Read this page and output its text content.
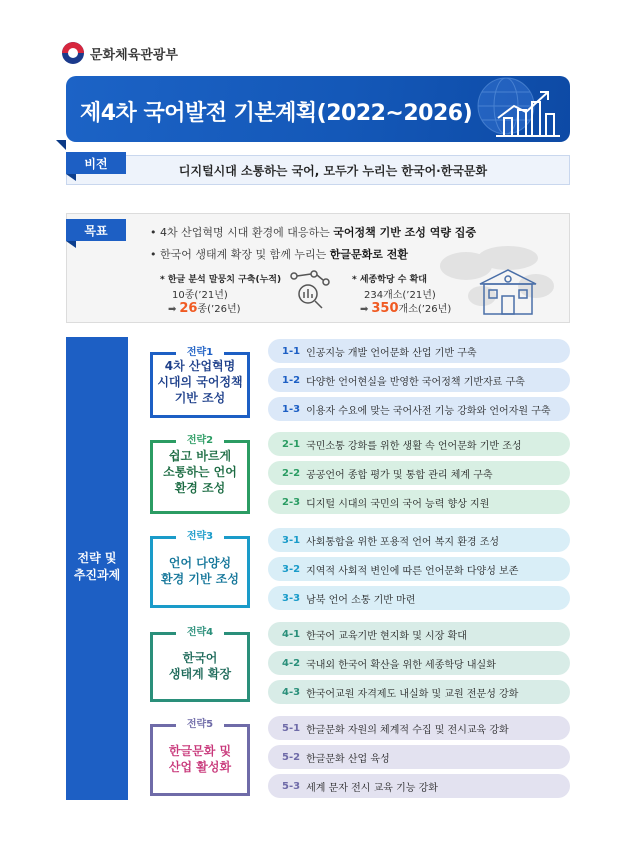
문화체육관광부
제4차 국어발전 기본계획(2022~2026)
비전	디지털시대 소통하는 국어, 모두가 누리는 한국어·한국문화
목표	• 4차 산업혁명 시대 환경에 대응하는 국어정책 기반 조성 역량 집중
• 한국어 생태계 확장 및 함께 누리는 한글문화로 전환
* 한글 분석 말뭉치 구축(누적)
10종(’21년)
➡ 26종(’26년)
* 세종학당 수 확대
234개소(’21년)
➡ 350개소(’26년)
전략 및
추진과제
전략1
4차 산업혁명
시대의 국어정책
기반 조성
1-1 인공지능 개발 언어문화 산업 기반 구축
1-2 다양한 언어현실을 반영한 국어정책 기반자료 구축
1-3 이용자 수요에 맞는 국어사전 기능 강화와 언어자원 구축
전략2
쉽고 바르게
소통하는 언어
환경 조성
2-1 국민소통 강화를 위한 생활 속 언어문화 기반 조성
2-2 공공언어 종합 평가 및 통합 관리 체계 구축
2-3 디지털 시대의 국민의 국어 능력 향상 지원
전략3
언어 다양성
환경 기반 조성
3-1 사회통합을 위한 포용적 언어 복지 환경 조성
3-2 지역적 사회적 변인에 따른 언어문화 다양성 보존
3-3 남북 언어 소통 기반 마련
전략4
한국어
생태계 확장
4-1 한국어 교육기반 현지화 및 시장 확대
4-2 국내외 한국어 확산을 위한 세종학당 내실화
4-3 한국어교원 자격제도 내실화 및 교원 전문성 강화
전략5
한글문화 및
산업 활성화
5-1 한글문화 자원의 체계적 수집 및 전시교육 강화
5-2 한글문화 산업 육성
5-3 세계 문자 전시 교육 기능 강화
